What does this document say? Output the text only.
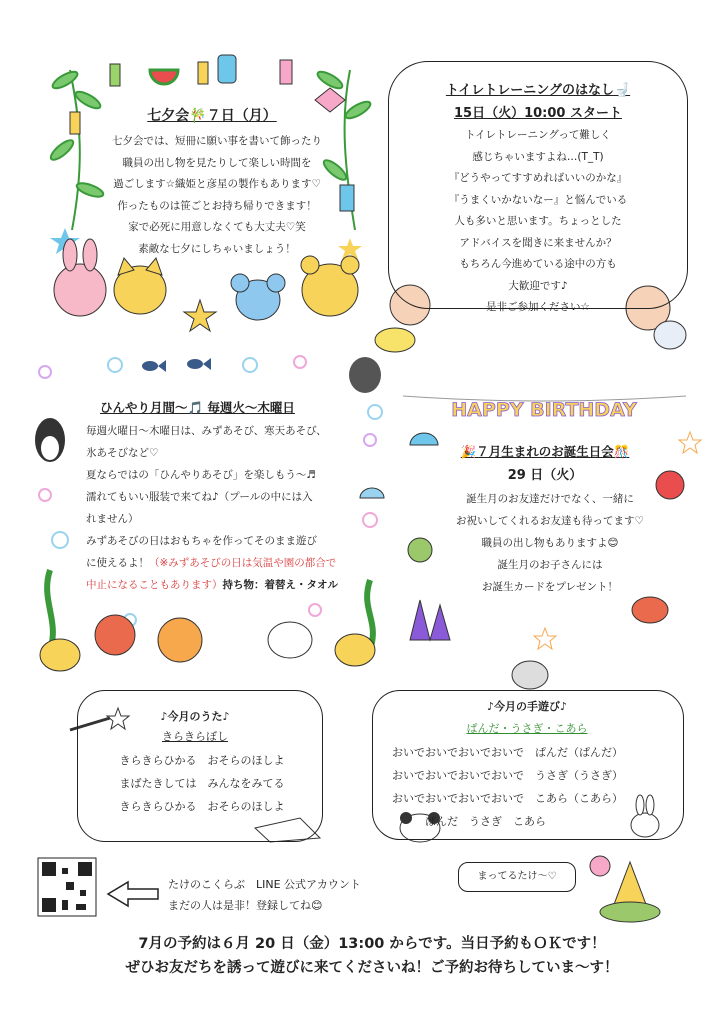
HAPPY BIRTHDAY
七夕会🎋７日（月）
七夕会では、短冊に願い事を書いて飾ったり
職員の出し物を見たりして楽しい時間を
過ごします☆織姫と彦星の製作もあります♡
作ったものは笹ごとお持ち帰りできます！
家で必死に用意しなくても大丈夫♡笑
素敵な七夕にしちゃいましょう！
トイレトレーニングのはなし🚽
15日（火）10:00 スタート
トイレトレーニングって難しく
感じちゃいますよね…(T_T)
『どうやってすすめればいいのかな』
『うまくいかないなー』と悩んでいる
人も多いと思います。ちょっとした
アドバイスを聞きに来ませんか？
もちろん今進めている途中の方も
大歓迎です♪
是非ご参加ください☆
ひんやり月間～🎵 毎週火～木曜日
毎週火曜日～木曜日は、みずあそび、寒天あそび、
氷あそびなど♡
夏ならではの「ひんやりあそび」を楽しもう～♬
濡れてもいい服装で来てね♪（プールの中には入
れません）
みずあそびの日はおもちゃを作ってそのまま遊び
に使えるよ！（※みずあそびの日は気温や園の都合で
中止になることもあります）持ち物：着替え・タオル
🎉７月生まれのお誕生日会🎊
29 日（火）
誕生月のお友達だけでなく、一緒に
お祝いしてくれるお友達も待ってます♡
職員の出し物もありますよ😊
誕生月のお子さんには
お誕生カードをプレゼント！
♪今月のうた♪
きらきらぼし
きらきらひかる　おそらのほしよ
まばたきしては　みんなをみてる
きらきらひかる　おそらのほしよ
♪今月の手遊び♪
ぱんだ・うさぎ・こあら
おいでおいでおいでおいで　ぱんだ（ぱんだ）
おいでおいでおいでおいで　うさぎ（うさぎ）
おいでおいでおいでおいで　こあら（こあら）
　　　ぱんだ　うさぎ　こあら
たけのこくらぶ　LINE 公式アカウント
まだの人は是非！登録してね😊
まってるたけ～♡
7月の予約は６月 20 日（金）13:00 からです。当日予約もＯＫです！
ぜひお友だちを誘って遊びに来てくださいね！ご予約お待ちしていま～す！
